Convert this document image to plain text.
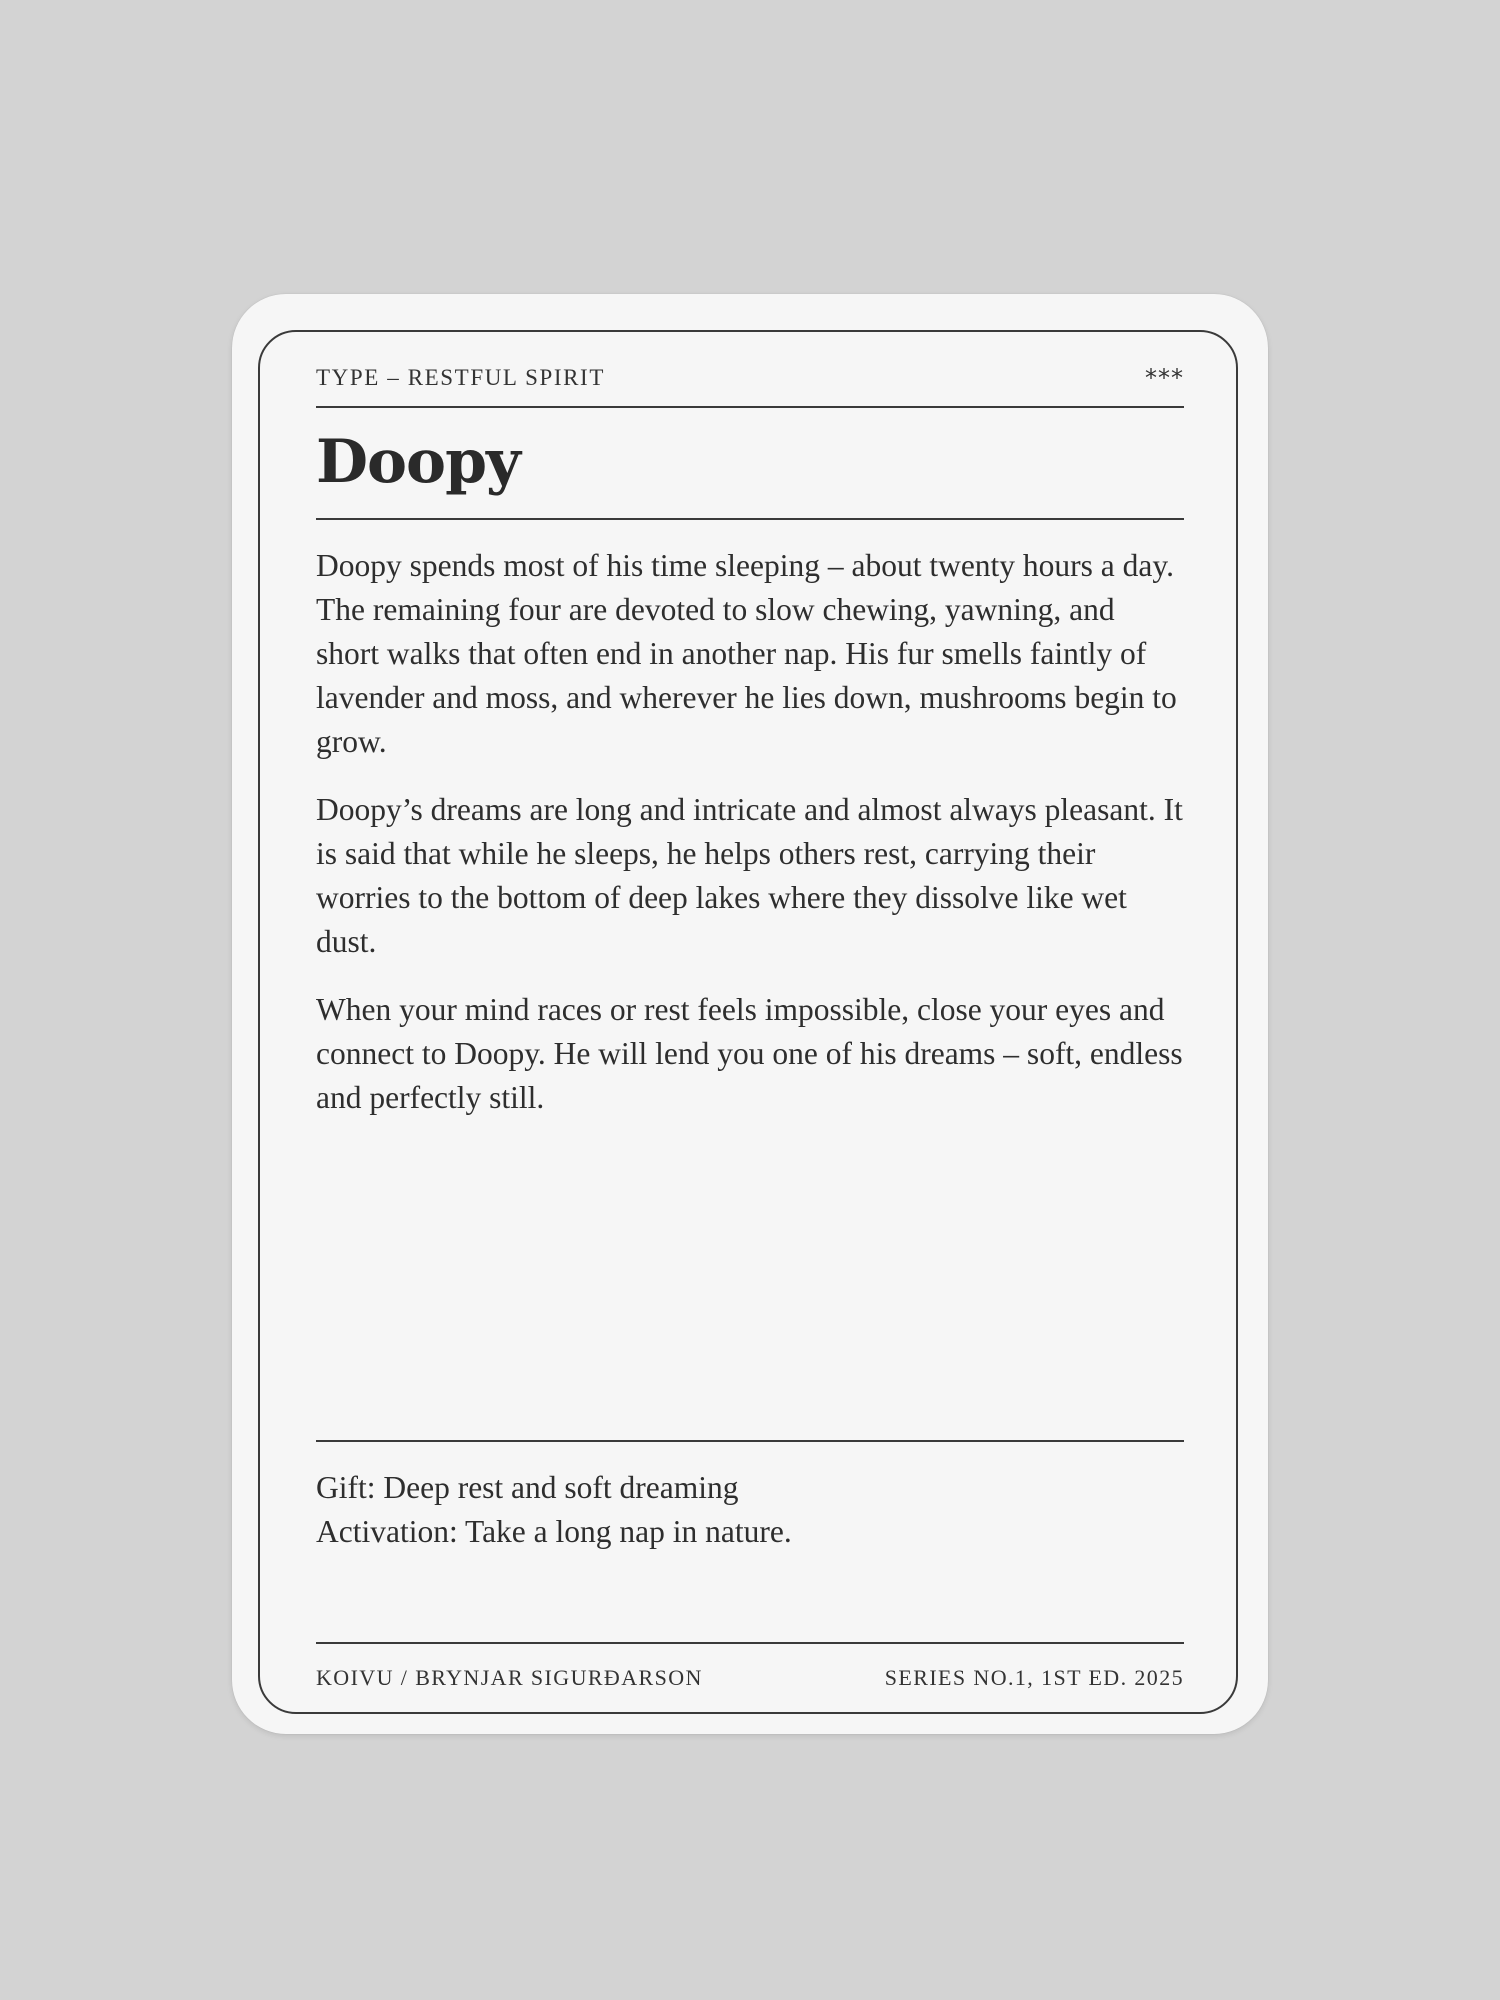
TYPE – RESTFUL SPIRIT	***
Doopy

Doopy spends most of his time sleeping – about twenty hours a day. The remaining four are devoted to slow chewing, yawning, and short walks that often end in another nap. His fur smells faintly of lavender and moss, and wherever he lies down, mushrooms begin to grow.

Doopy’s dreams are long and intricate and almost always pleasant. It is said that while he sleeps, he helps others rest, carrying their worries to the bottom of deep lakes where they dissolve like wet dust.

When your mind races or rest feels impossible, close your eyes and connect to Doopy. He will lend you one of his dreams – soft, endless and perfectly still.

Gift: Deep rest and soft dreaming
Activation: Take a long nap in nature.
KOIVU / BRYNJAR SIGURÐARSON	SERIES NO.1, 1ST ED. 2025
